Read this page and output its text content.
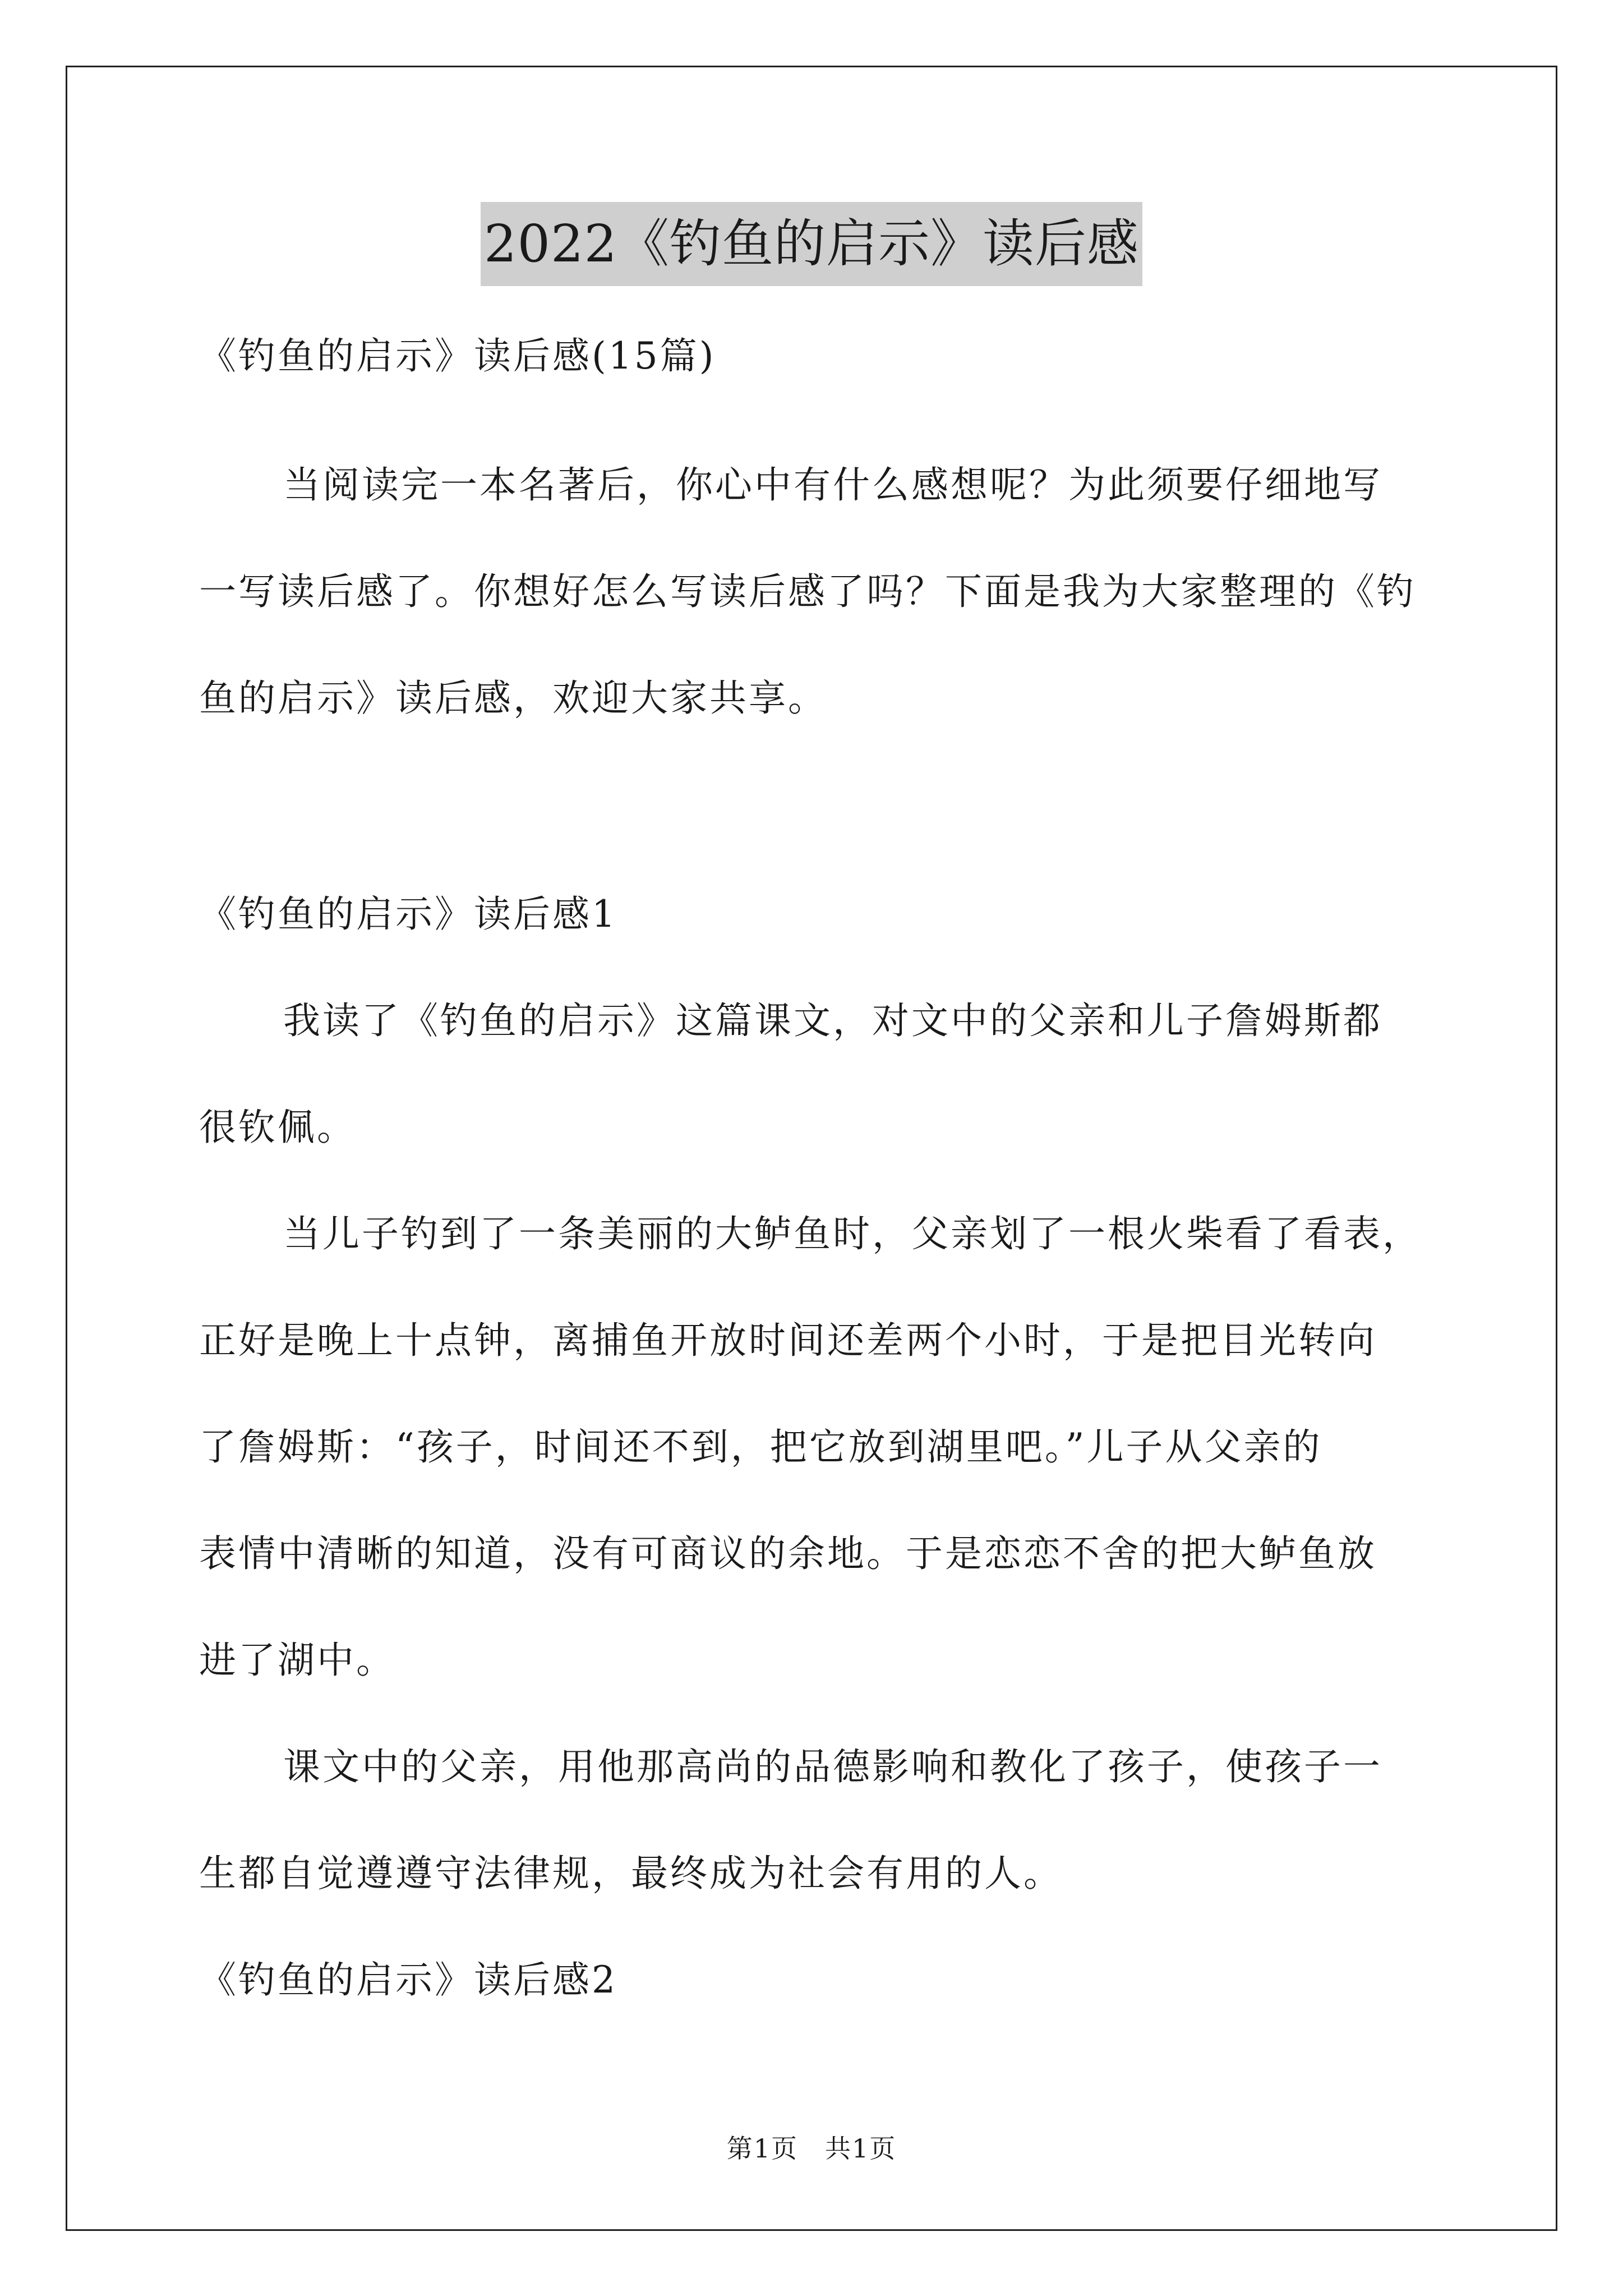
2022《钓鱼的启示》读后感
《钓鱼的启示》读后感(15篇)
当阅读完一本名著后，你心中有什么感想呢？为此须要仔细地写
一写读后感了。你想好怎么写读后感了吗？下面是我为大家整理的《钓
鱼的启示》读后感，欢迎大家共享。
《钓鱼的启示》读后感1
我读了《钓鱼的启示》这篇课文，对文中的父亲和儿子詹姆斯都
很钦佩。
当儿子钓到了一条美丽的大鲈鱼时，父亲划了一根火柴看了看表，
正好是晚上十点钟，离捕鱼开放时间还差两个小时，于是把目光转向
了詹姆斯：“孩子，时间还不到，把它放到湖里吧。”儿子从父亲的
表情中清晰的知道，没有可商议的余地。于是恋恋不舍的把大鲈鱼放
进了湖中。
课文中的父亲，用他那高尚的品德影响和教化了孩子，使孩子一
生都自觉遵遵守法律规，最终成为社会有用的人。
《钓鱼的启示》读后感2
第1页　共1页
